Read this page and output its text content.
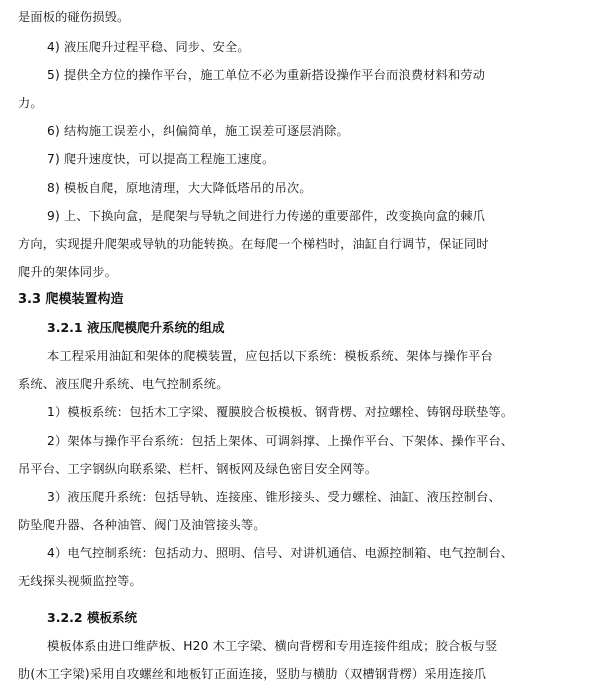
是面板的碰伤损毁。
4) 液压爬升过程平稳、同步、安全。
5) 提供全方位的操作平台，施工单位不必为重新搭设操作平台而浪费材料和劳动
力。
6) 结构施工误差小，纠偏简单，施工误差可逐层消除。
7) 爬升速度快，可以提高工程施工速度。
8) 模板自爬，原地清理，大大降低塔吊的吊次。
9) 上、下换向盒，是爬架与导轨之间进行力传递的重要部件，改变换向盒的棘爪
方向，实现提升爬架或导轨的功能转换。在每爬一个梯档时，油缸自行调节，保证同时
爬升的架体同步。
3.3 爬模装置构造
3.2.1 液压爬模爬升系统的组成
本工程采用油缸和架体的爬模装置，应包括以下系统：模板系统、架体与操作平台
系统、液压爬升系统、电气控制系统。
1）模板系统：包括木工字梁、覆膜胶合板模板、钢背楞、对拉螺栓、铸钢母联垫等。
2）架体与操作平台系统：包括上架体、可调斜撑、上操作平台、下架体、操作平台、
吊平台、工字钢纵向联系梁、栏杆、钢板网及绿色密目安全网等。
3）液压爬升系统：包括导轨、连接座、锥形接头、受力螺栓、油缸、液压控制台、
防坠爬升器、各种油管、阀门及油管接头等。
4）电气控制系统：包括动力、照明、信号、对讲机通信、电源控制箱、电气控制台、
无线探头视频监控等。
3.2.2 模板系统
模板体系由进口维萨板、H20 木工字梁、横向背楞和专用连接件组成；胶合板与竖
肋(木工字梁)采用自攻螺丝和地板钉正面连接，竖肋与横肋（双槽钢背楞）采用连接爪
